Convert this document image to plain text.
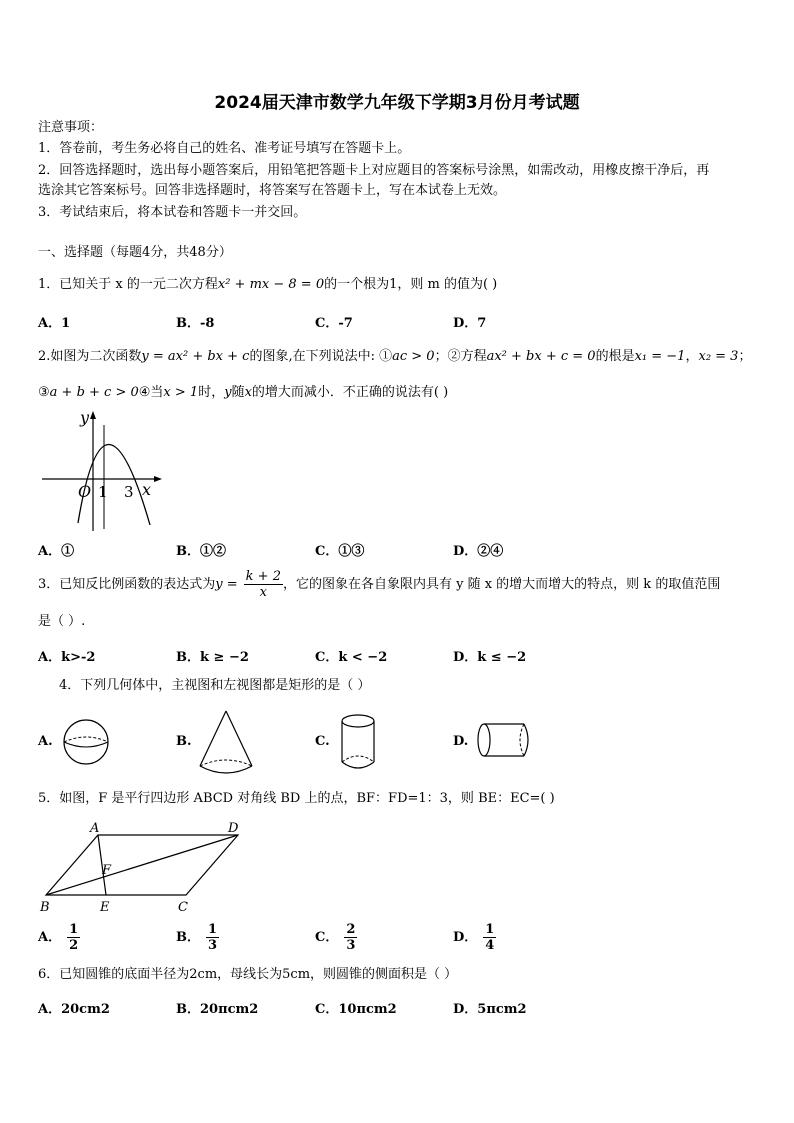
2024届天津市数学九年级下学期3月份月考试题
注意事项：
1．答卷前，考生务必将自己的姓名、准考证号填写在答题卡上。
2．回答选择题时，选出每小题答案后，用铅笔把答题卡上对应题目的答案标号涂黑，如需改动，用橡皮擦干净后，再
选涂其它答案标号。回答非选择题时，将答案写在答题卡上，写在本试卷上无效。
3．考试结束后，将本试卷和答题卡一并交回。
一、选择题（每题4分，共48分）
1．已知关于 x 的一元二次方程x² + mx − 8 = 0的一个根为1，则 m 的值为( )
A．1	B．-8	C．-7	D．7
2.如图为二次函数y = ax² + bx + c的图象,在下列说法中: ①ac > 0；②方程ax² + bx + c = 0的根是x₁ = −1，x₂ = 3；
③a + b + c > 0④当x > 1时，y随x的增大而减小．不正确的说法有( )
y
x
O 1 3
A．①	B．①②	C．①③	D．②④
3．已知反比例函数的表达式为$y = \frac{k + 2}{x}$ ，它的图象在各自象限内具有 y 随 x 的增大而增大的特点，则 k 的取值范围
是（ ）.
A．k>-2	B．k ≥ −2	C．k < −2	D．k ≤ −2
4．下列几何体中，主视图和左视图都是矩形的是（ ）
A.	B.	C.	D.
5．如图，F 是平行四边形 ABCD 对角线 BD 上的点，BF：FD=1：3，则 BE：EC=( )
A	D
F
B	E	C
A． $\frac{1}{2}$	B． $\frac{1}{3}$	C． $\frac{2}{3}$	D． $\frac{1}{4}$
6．已知圆锥的底面半径为2cm，母线长为5cm，则圆锥的侧面积是（ ）
A．20cm2	B．20πcm2	C．10πcm2	D．5πcm2
